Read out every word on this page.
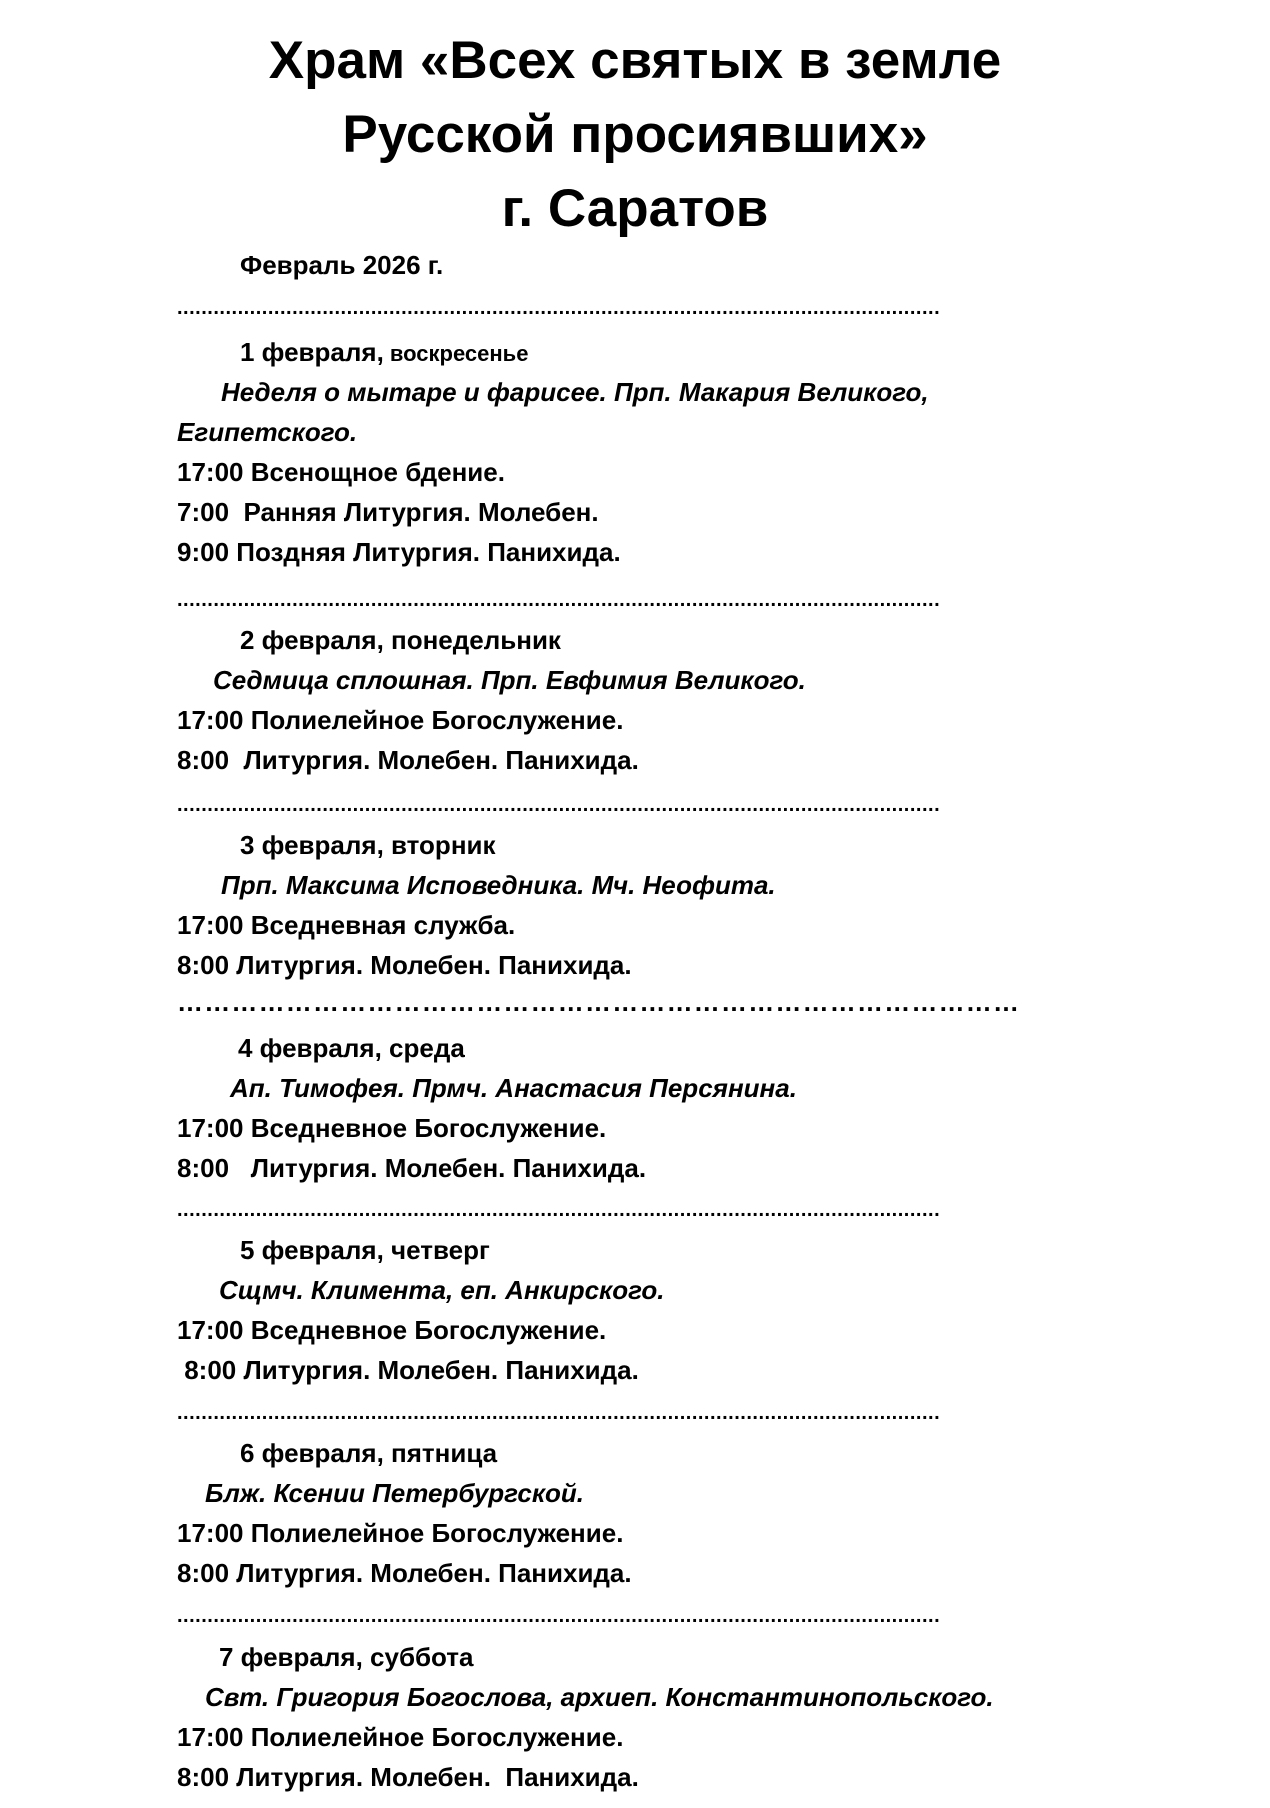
Храм «Всех святых в земле
Русской просиявших»
г. Саратов
Февраль 2026 г.
..............................................................................................................................
1 февраля, воскресенье
Неделя о мытаре и фарисее. Прп. Макария Великого,
Египетского.
17:00 Всенощное бдение.
7:00  Ранняя Литургия. Молебен.
9:00 Поздняя Литургия. Панихида.
..............................................................................................................................
2 февраля, понедельник
Седмица сплошная. Прп. Евфимия Великого.
17:00 Полиелейное Богослужение.
8:00  Литургия. Молебен. Панихида.
..............................................................................................................................
3 февраля, вторник
Прп. Максима Исповедника. Мч. Неофита.
17:00 Вседневная служба.
8:00 Литургия. Молебен. Панихида.
…………………………………………………………………………………
4 февраля, среда
Ап. Тимофея. Прмч. Анастасия Персянина.
17:00 Вседневное Богослужение.
8:00   Литургия. Молебен. Панихида.
..............................................................................................................................
5 февраля, четверг
Сщмч. Климента, еп. Анкирского.
17:00 Вседневное Богослужение.
8:00 Литургия. Молебен. Панихида.
..............................................................................................................................
6 февраля, пятница
Блж. Ксении Петербургской.
17:00 Полиелейное Богослужение.
8:00 Литургия. Молебен. Панихида.
..............................................................................................................................
7 февраля, суббота
Свт. Григория Богослова, архиеп. Константинопольского.
17:00 Полиелейное Богослужение.
8:00 Литургия. Молебен.  Панихида.
